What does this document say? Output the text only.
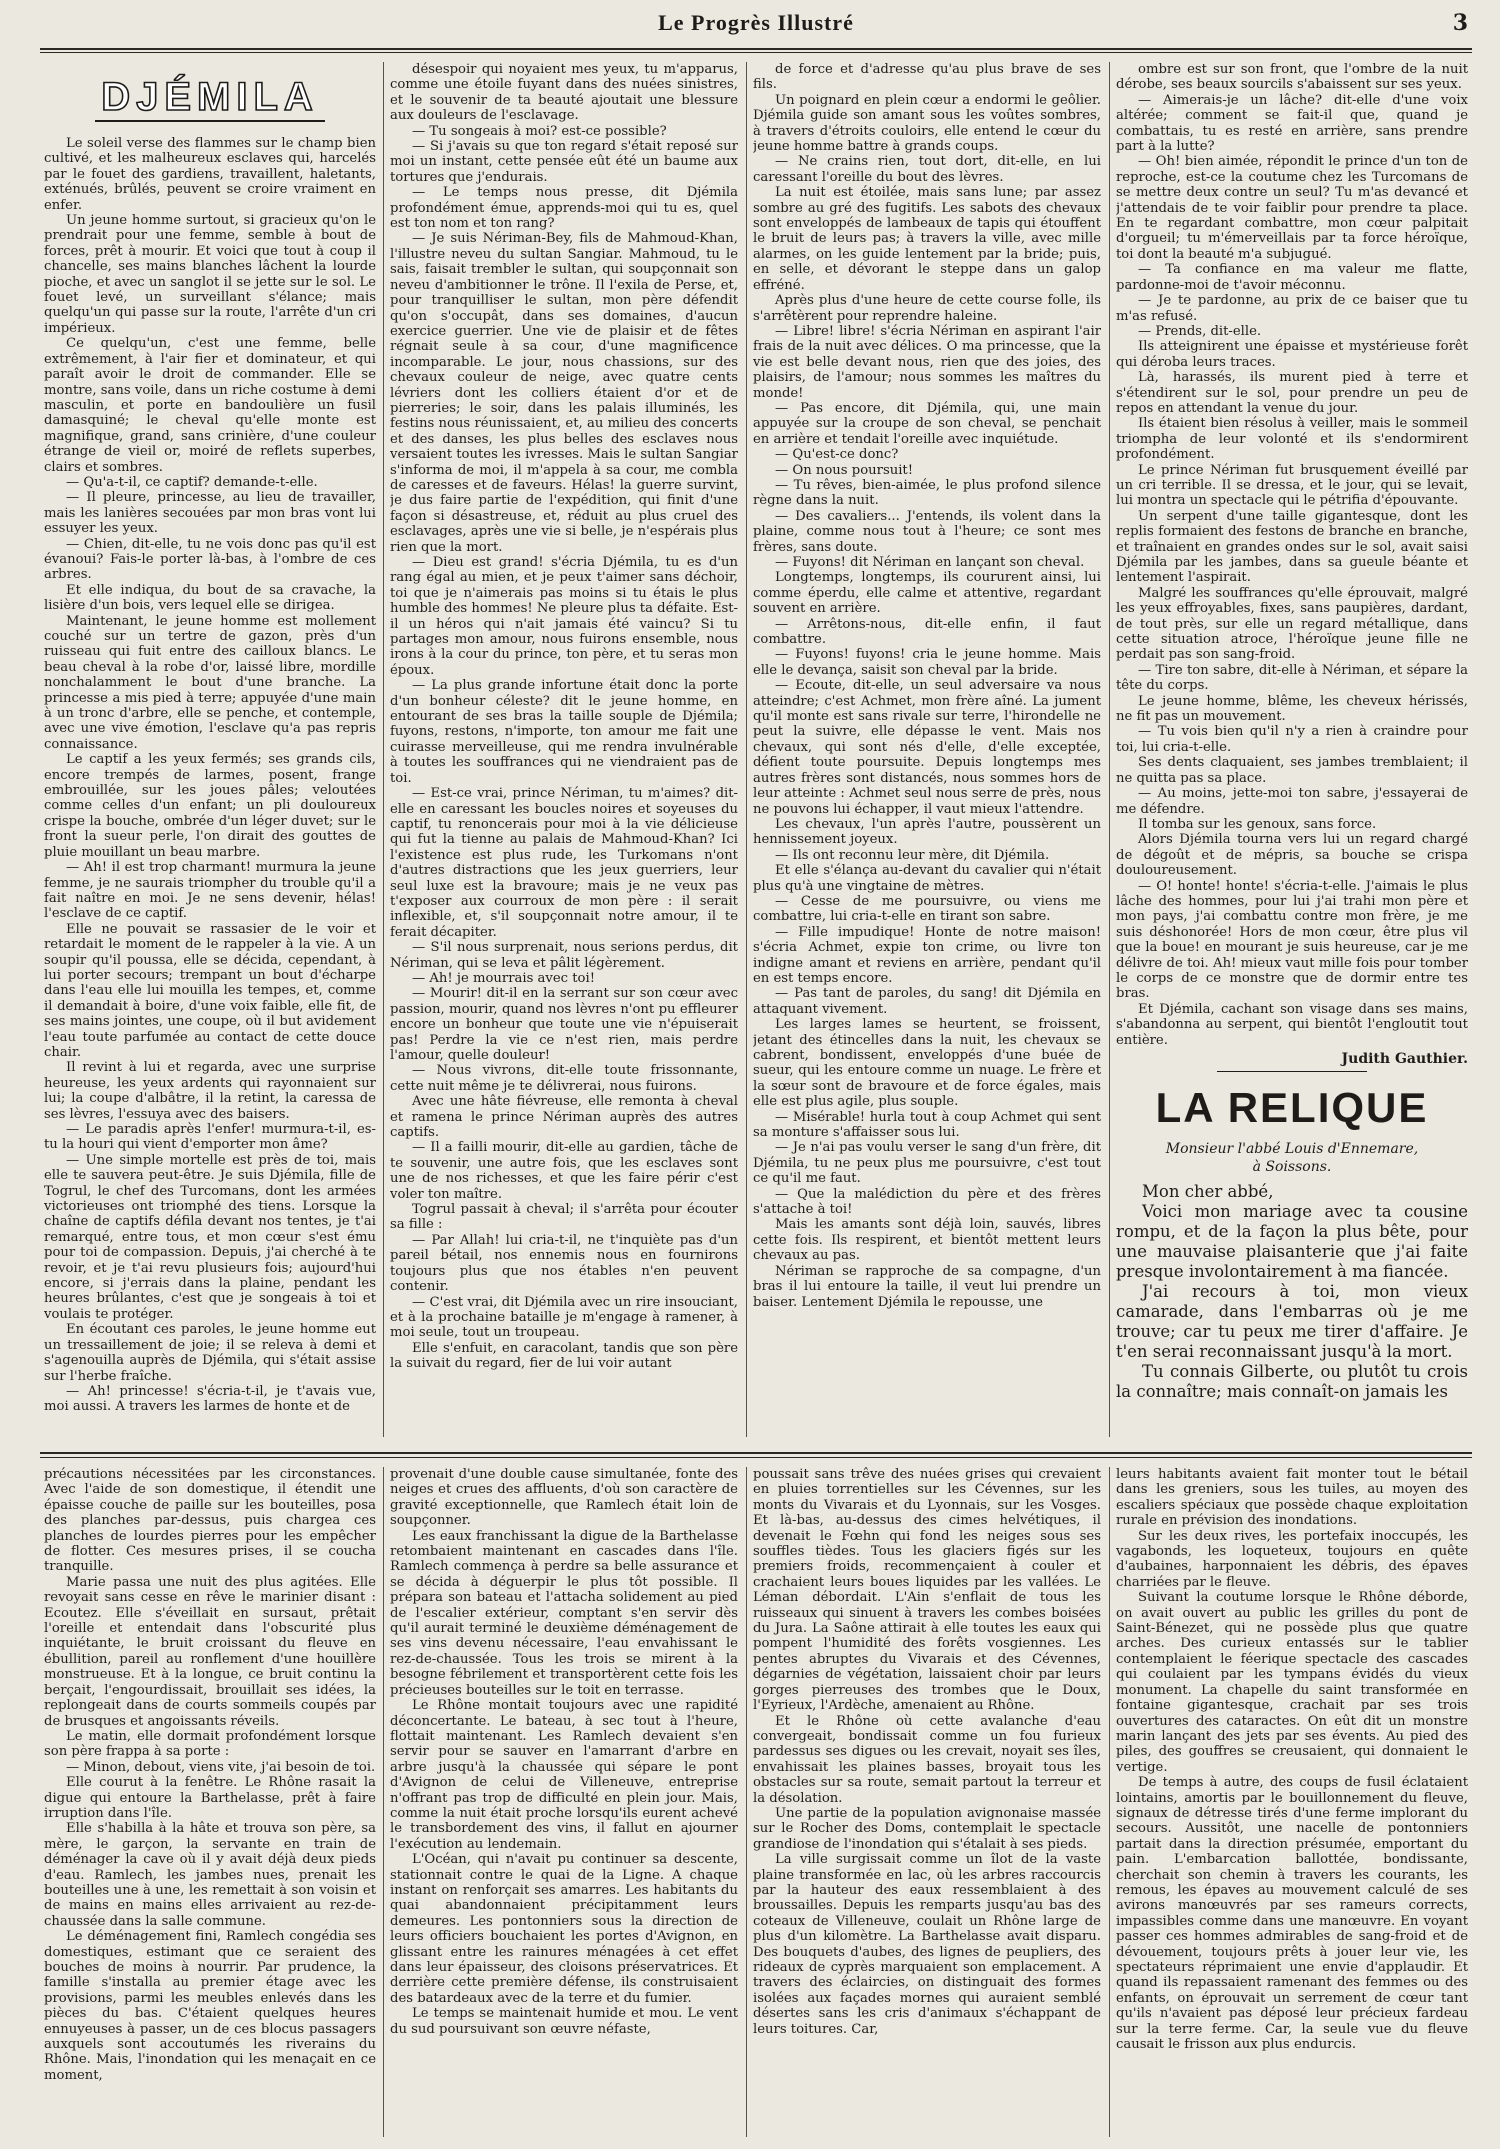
Le Progrès Illustré	3
DJÉMILA

Le soleil verse des flammes sur le champ bien cultivé, et les malheureux esclaves qui, harcelés par le fouet des gardiens, travaillent, haletants, exténués, brûlés, peuvent se croire vraiment en enfer.

Un jeune homme surtout, si gracieux qu'on le prendrait pour une femme, semble à bout de forces, prêt à mourir. Et voici que tout à coup il chancelle, ses mains blanches lâchent la lourde pioche, et avec un sanglot il se jette sur le sol. Le fouet levé, un surveillant s'élance; mais quelqu'un qui passe sur la route, l'arrête d'un cri impérieux.

Ce quelqu'un, c'est une femme, belle extrêmement, à l'air fier et dominateur, et qui paraît avoir le droit de commander. Elle se montre, sans voile, dans un riche costume à demi masculin, et porte en bandoulière un fusil damasquiné; le cheval qu'elle monte est magnifique, grand, sans crinière, d'une couleur étrange de vieil or, moiré de reflets superbes, clairs et sombres.

— Qu'a-t-il, ce captif? demande-t-elle.

— Il pleure, princesse, au lieu de travailler, mais les lanières secouées par mon bras vont lui essuyer les yeux.

— Chien, dit-elle, tu ne vois donc pas qu'il est évanoui? Fais-le porter là-bas, à l'ombre de ces arbres.

Et elle indiqua, du bout de sa cravache, la lisière d'un bois, vers lequel elle se dirigea.

Maintenant, le jeune homme est mollement couché sur un tertre de gazon, près d'un ruisseau qui fuit entre des cailloux blancs. Le beau cheval à la robe d'or, laissé libre, mordille nonchalamment le bout d'une branche. La princesse a mis pied à terre; appuyée d'une main à un tronc d'arbre, elle se penche, et contemple, avec une vive émotion, l'esclave qu'a pas repris connaissance.

Le captif a les yeux fermés; ses grands cils, encore trempés de larmes, posent, frange embrouillée, sur les joues pâles; veloutées comme celles d'un enfant; un pli douloureux crispe la bouche, ombrée d'un léger duvet; sur le front la sueur perle, l'on dirait des gouttes de pluie mouillant un beau marbre.

— Ah! il est trop charmant! murmura la jeune femme, je ne saurais triompher du trouble qu'il a fait naître en moi. Je ne sens devenir, hélas! l'esclave de ce captif.

Elle ne pouvait se rassasier de le voir et retardait le moment de le rappeler à la vie. A un soupir qu'il poussa, elle se décida, cependant, à lui porter secours; trempant un bout d'écharpe dans l'eau elle lui mouilla les tempes, et, comme il demandait à boire, d'une voix faible, elle fit, de ses mains jointes, une coupe, où il but avidement l'eau toute parfumée au contact de cette douce chair.

Il revint à lui et regarda, avec une surprise heureuse, les yeux ardents qui rayonnaient sur lui; la coupe d'albâtre, il la retint, la caressa de ses lèvres, l'essuya avec des baisers.

— Le paradis après l'enfer! murmura-t-il, es-tu la houri qui vient d'emporter mon âme?

— Une simple mortelle est près de toi, mais elle te sauvera peut-être. Je suis Djémila, fille de Togrul, le chef des Turcomans, dont les armées victorieuses ont triomphé des tiens. Lorsque la chaîne de captifs défila devant nos tentes, je t'ai remarqué, entre tous, et mon cœur s'est ému pour toi de compassion. Depuis, j'ai cherché à te revoir, et je t'ai revu plusieurs fois; aujourd'hui encore, si j'errais dans la plaine, pendant les heures brûlantes, c'est que je songeais à toi et voulais te protéger.

En écoutant ces paroles, le jeune homme eut un tressaillement de joie; il se releva à demi et s'agenouilla auprès de Djémila, qui s'était assise sur l'herbe fraîche.

— Ah! princesse! s'écria-t-il, je t'avais vue, moi aussi. A travers les larmes de honte et de

désespoir qui noyaient mes yeux, tu m'apparus, comme une étoile fuyant dans des nuées sinistres, et le souvenir de ta beauté ajoutait une blessure aux douleurs de l'esclavage.

— Tu songeais à moi? est-ce possible?

— Si j'avais su que ton regard s'était reposé sur moi un instant, cette pensée eût été un baume aux tortures que j'endurais.

— Le temps nous presse, dit Djémila profondément émue, apprends-moi qui tu es, quel est ton nom et ton rang?

— Je suis Nériman-Bey, fils de Mahmoud-Khan, l'illustre neveu du sultan Sangiar. Mahmoud, tu le sais, faisait trembler le sultan, qui soupçonnait son neveu d'ambitionner le trône. Il l'exila de Perse, et, pour tranquilliser le sultan, mon père défendit qu'on s'occupât, dans ses domaines, d'aucun exercice guerrier. Une vie de plaisir et de fêtes régnait seule à sa cour, d'une magnificence incomparable. Le jour, nous chassions, sur des chevaux couleur de neige, avec quatre cents lévriers dont les colliers étaient d'or et de pierreries; le soir, dans les palais illuminés, les festins nous réunissaient, et, au milieu des concerts et des danses, les plus belles des esclaves nous versaient toutes les ivresses. Mais le sultan Sangiar s'informa de moi, il m'appela à sa cour, me combla de caresses et de faveurs. Hélas! la guerre survint, je dus faire partie de l'expédition, qui finit d'une façon si désastreuse, et, réduit au plus cruel des esclavages, après une vie si belle, je n'espérais plus rien que la mort.

— Dieu est grand! s'écria Djémila, tu es d'un rang égal au mien, et je peux t'aimer sans déchoir, toi que je n'aimerais pas moins si tu étais le plus humble des hommes! Ne pleure plus ta défaite. Est-il un héros qui n'ait jamais été vaincu? Si tu partages mon amour, nous fuirons ensemble, nous irons à la cour du prince, ton père, et tu seras mon époux.

— La plus grande infortune était donc la porte d'un bonheur céleste? dit le jeune homme, en entourant de ses bras la taille souple de Djémila; fuyons, restons, n'importe, ton amour me fait une cuirasse merveilleuse, qui me rendra invulnérable à toutes les souffrances qui ne viendraient pas de toi.

— Est-ce vrai, prince Nériman, tu m'aimes? dit-elle en caressant les boucles noires et soyeuses du captif, tu renoncerais pour moi à la vie délicieuse qui fut la tienne au palais de Mahmoud-Khan? Ici l'existence est plus rude, les Turkomans n'ont d'autres distractions que les jeux guerriers, leur seul luxe est la bravoure; mais je ne veux pas t'exposer aux courroux de mon père : il serait inflexible, et, s'il soupçonnait notre amour, il te ferait décapiter.

— S'il nous surprenait, nous serions perdus, dit Nériman, qui se leva et pâlit légèrement.

— Ah! je mourrais avec toi!

— Mourir! dit-il en la serrant sur son cœur avec passion, mourir, quand nos lèvres n'ont pu effleurer encore un bonheur que toute une vie n'épuiserait pas! Perdre la vie ce n'est rien, mais perdre l'amour, quelle douleur!

— Nous vivrons, dit-elle toute frissonnante, cette nuit même je te délivrerai, nous fuirons.

Avec une hâte fiévreuse, elle remonta à cheval et ramena le prince Nériman auprès des autres captifs.

— Il a failli mourir, dit-elle au gardien, tâche de te souvenir, une autre fois, que les esclaves sont une de nos richesses, et que les faire périr c'est voler ton maître.

Togrul passait à cheval; il s'arrêta pour écouter sa fille :

— Par Allah! lui cria-t-il, ne t'inquiète pas d'un pareil bétail, nos ennemis nous en fournirons toujours plus que nos étables n'en peuvent contenir.

— C'est vrai, dit Djémila avec un rire insouciant, et à la prochaine bataille je m'engage à ramener, à moi seule, tout un troupeau.

Elle s'enfuit, en caracolant, tandis que son père la suivait du regard, fier de lui voir autant

de force et d'adresse qu'au plus brave de ses fils.

Un poignard en plein cœur a endormi le geôlier. Djémila guide son amant sous les voûtes sombres, à travers d'étroits couloirs, elle entend le cœur du jeune homme battre à grands coups.

— Ne crains rien, tout dort, dit-elle, en lui caressant l'oreille du bout des lèvres.

La nuit est étoilée, mais sans lune; par assez sombre au gré des fugitifs. Les sabots des chevaux sont enveloppés de lambeaux de tapis qui étouffent le bruit de leurs pas; à travers la ville, avec mille alarmes, on les guide lentement par la bride; puis, en selle, et dévorant le steppe dans un galop effréné.

Après plus d'une heure de cette course folle, ils s'arrêtèrent pour reprendre haleine.

— Libre! libre! s'écria Nériman en aspirant l'air frais de la nuit avec délices. O ma princesse, que la vie est belle devant nous, rien que des joies, des plaisirs, de l'amour; nous sommes les maîtres du monde!

— Pas encore, dit Djémila, qui, une main appuyée sur la croupe de son cheval, se penchait en arrière et tendait l'oreille avec inquiétude.

— Qu'est-ce donc?

— On nous poursuit!

— Tu rêves, bien-aimée, le plus profond silence règne dans la nuit.

— Des cavaliers... J'entends, ils volent dans la plaine, comme nous tout à l'heure; ce sont mes frères, sans doute.

— Fuyons! dit Nériman en lançant son cheval.

Longtemps, longtemps, ils coururent ainsi, lui comme éperdu, elle calme et attentive, regardant souvent en arrière.

— Arrêtons-nous, dit-elle enfin, il faut combattre.

— Fuyons! fuyons! cria le jeune homme. Mais elle le devança, saisit son cheval par la bride.

— Ecoute, dit-elle, un seul adversaire va nous atteindre; c'est Achmet, mon frère aîné. La jument qu'il monte est sans rivale sur terre, l'hirondelle ne peut la suivre, elle dépasse le vent. Mais nos chevaux, qui sont nés d'elle, d'elle exceptée, défient toute poursuite. Depuis longtemps mes autres frères sont distancés, nous sommes hors de leur atteinte : Achmet seul nous serre de près, nous ne pouvons lui échapper, il vaut mieux l'attendre.

Les chevaux, l'un après l'autre, poussèrent un hennissement joyeux.

— Ils ont reconnu leur mère, dit Djémila.

Et elle s'élança au-devant du cavalier qui n'était plus qu'à une vingtaine de mètres.

— Cesse de me poursuivre, ou viens me combattre, lui cria-t-elle en tirant son sabre.

— Fille impudique! Honte de notre maison! s'écria Achmet, expie ton crime, ou livre ton indigne amant et reviens en arrière, pendant qu'il en est temps encore.

— Pas tant de paroles, du sang! dit Djémila en attaquant vivement.

Les larges lames se heurtent, se froissent, jetant des étincelles dans la nuit, les chevaux se cabrent, bondissent, enveloppés d'une buée de sueur, qui les entoure comme un nuage. Le frère et la sœur sont de bravoure et de force égales, mais elle est plus agile, plus souple.

— Misérable! hurla tout à coup Achmet qui sent sa monture s'affaisser sous lui.

— Je n'ai pas voulu verser le sang d'un frère, dit Djémila, tu ne peux plus me poursuivre, c'est tout ce qu'il me faut.

— Que la malédiction du père et des frères s'attache à toi!

Mais les amants sont déjà loin, sauvés, libres cette fois. Ils respirent, et bientôt mettent leurs chevaux au pas.

Nériman se rapproche de sa compagne, d'un bras il lui entoure la taille, il veut lui prendre un baiser. Lentement Djémila le repousse, une

ombre est sur son front, que l'ombre de la nuit dérobe, ses beaux sourcils s'abaissent sur ses yeux.

— Aimerais-je un lâche? dit-elle d'une voix altérée; comment se fait-il que, quand je combattais, tu es resté en arrière, sans prendre part à la lutte?

— Oh! bien aimée, répondit le prince d'un ton de reproche, est-ce la coutume chez les Turcomans de se mettre deux contre un seul? Tu m'as devancé et j'attendais de te voir faiblir pour prendre ta place. En te regardant combattre, mon cœur palpitait d'orgueil; tu m'émerveillais par ta force héroïque, toi dont la beauté m'a subjugué.

— Ta confiance en ma valeur me flatte, pardonne-moi de t'avoir méconnu.

— Je te pardonne, au prix de ce baiser que tu m'as refusé.

— Prends, dit-elle.

Ils atteignirent une épaisse et mystérieuse forêt qui déroba leurs traces.

Là, harassés, ils murent pied à terre et s'étendirent sur le sol, pour prendre un peu de repos en attendant la venue du jour.

Ils étaient bien résolus à veiller, mais le sommeil triompha de leur volonté et ils s'endormirent profondément.

Le prince Nériman fut brusquement éveillé par un cri terrible. Il se dressa, et le jour, qui se levait, lui montra un spectacle qui le pétrifia d'épouvante.

Un serpent d'une taille gigantesque, dont les replis formaient des festons de branche en branche, et traînaient en grandes ondes sur le sol, avait saisi Djémila par les jambes, dans sa gueule béante et lentement l'aspirait.

Malgré les souffrances qu'elle éprouvait, malgré les yeux effroyables, fixes, sans paupières, dardant, de tout près, sur elle un regard métallique, dans cette situation atroce, l'héroïque jeune fille ne perdait pas son sang-froid.

— Tire ton sabre, dit-elle à Nériman, et sépare la tête du corps.

Le jeune homme, blême, les cheveux hérissés, ne fit pas un mouvement.

— Tu vois bien qu'il n'y a rien à craindre pour toi, lui cria-t-elle.

Ses dents claquaient, ses jambes tremblaient; il ne quitta pas sa place.

— Au moins, jette-moi ton sabre, j'essayerai de me défendre.

Il tomba sur les genoux, sans force.

Alors Djémila tourna vers lui un regard chargé de dégoût et de mépris, sa bouche se crispa douloureusement.

— O! honte! honte! s'écria-t-elle. J'aimais le plus lâche des hommes, pour lui j'ai trahi mon père et mon pays, j'ai combattu contre mon frère, je me suis déshonorée! Hors de mon cœur, être plus vil que la boue! en mourant je suis heureuse, car je me délivre de toi. Ah! mieux vaut mille fois pour tomber le corps de ce monstre que de dormir entre tes bras.

Et Djémila, cachant son visage dans ses mains, s'abandonna au serpent, qui bientôt l'engloutit tout entière.

Judith Gauthier.
LA RELIQUE
Monsieur l'abbé Louis d'Ennemare,
à Soissons.

Mon cher abbé,

Voici mon mariage avec ta cousine rompu, et de la façon la plus bête, pour une mauvaise plaisanterie que j'ai faite presque involontairement à ma fiancée.

J'ai recours à toi, mon vieux camarade, dans l'embarras où je me trouve; car tu peux me tirer d'affaire. Je t'en serai reconnaissant jusqu'à la mort.

Tu connais Gilberte, ou plutôt tu crois la connaître; mais connaît-on jamais les

précautions nécessitées par les circonstances. Avec l'aide de son domestique, il étendit une épaisse couche de paille sur les bouteilles, posa des planches par-dessus, puis chargea ces planches de lourdes pierres pour les empêcher de flotter. Ces mesures prises, il se coucha tranquille.

Marie passa une nuit des plus agitées. Elle revoyait sans cesse en rêve le marinier disant : Ecoutez. Elle s'éveillait en sursaut, prêtait l'oreille et entendait dans l'obscurité plus inquiétante, le bruit croissant du fleuve en ébullition, pareil au ronflement d'une houillère monstrueuse. Et à la longue, ce bruit continu la berçait, l'engourdissait, brouillait ses idées, la replongeait dans de courts sommeils coupés par de brusques et angoissants réveils.

Le matin, elle dormait profondément lorsque son père frappa à sa porte :

— Minon, debout, viens vite, j'ai besoin de toi.

Elle courut à la fenêtre. Le Rhône rasait la digue qui entoure la Barthelasse, prêt à faire irruption dans l'île.

Elle s'habilla à la hâte et trouva son père, sa mère, le garçon, la servante en train de déménager la cave où il y avait déjà deux pieds d'eau. Ramlech, les jambes nues, prenait les bouteilles une à une, les remettait à son voisin et de mains en mains elles arrivaient au rez-de-chaussée dans la salle commune.

Le déménagement fini, Ramlech congédia ses domestiques, estimant que ce seraient des bouches de moins à nourrir. Par prudence, la famille s'installa au premier étage avec les provisions, parmi les meubles enlevés dans les pièces du bas. C'étaient quelques heures ennuyeuses à passer, un de ces blocus passagers auxquels sont accoutumés les riverains du Rhône. Mais, l'inondation qui les menaçait en ce moment,

provenait d'une double cause simultanée, fonte des neiges et crues des affluents, d'où son caractère de gravité exceptionnelle, que Ramlech était loin de soupçonner.

Les eaux franchissant la digue de la Barthelasse retombaient maintenant en cascades dans l'île. Ramlech commença à perdre sa belle assurance et se décida à déguerpir le plus tôt possible. Il prépara son bateau et l'attacha solidement au pied de l'escalier extérieur, comptant s'en servir dès qu'il aurait terminé le deuxième déménagement de ses vins devenu nécessaire, l'eau envahissant le rez-de-chaussée. Tous les trois se mirent à la besogne fébrilement et transportèrent cette fois les précieuses bouteilles sur le toit en terrasse.

Le Rhône montait toujours avec une rapidité déconcertante. Le bateau, à sec tout à l'heure, flottait maintenant. Les Ramlech devaient s'en servir pour se sauver en l'amarrant d'arbre en arbre jusqu'à la chaussée qui sépare le pont d'Avignon de celui de Villeneuve, entreprise n'offrant pas trop de difficulté en plein jour. Mais, comme la nuit était proche lorsqu'ils eurent achevé le transbordement des vins, il fallut en ajourner l'exécution au lendemain.

L'Océan, qui n'avait pu continuer sa descente, stationnait contre le quai de la Ligne. A chaque instant on renforçait ses amarres. Les habitants du quai abandonnaient précipitamment leurs demeures. Les pontonniers sous la direction de leurs officiers bouchaient les portes d'Avignon, en glissant entre les rainures ménagées à cet effet dans leur épaisseur, des cloisons préservatrices. Et derrière cette première défense, ils construisaient des batardeaux avec de la terre et du fumier.

Le temps se maintenait humide et mou. Le vent du sud poursuivant son œuvre néfaste,

poussait sans trêve des nuées grises qui crevaient en pluies torrentielles sur les Cévennes, sur les monts du Vivarais et du Lyonnais, sur les Vosges. Et là-bas, au-dessus des cimes helvétiques, il devenait le Fœhn qui fond les neiges sous ses souffles tièdes. Tous les glaciers figés sur les premiers froids, recommençaient à couler et crachaient leurs boues liquides par les vallées. Le Léman débordait. L'Ain s'enflait de tous les ruisseaux qui sinuent à travers les combes boisées du Jura. La Saône attirait à elle toutes les eaux qui pompent l'humidité des forêts vosgiennes. Les pentes abruptes du Vivarais et des Cévennes, dégarnies de végétation, laissaient choir par leurs gorges pierreuses des trombes que le Doux, l'Eyrieux, l'Ardèche, amenaient au Rhône.

Et le Rhône où cette avalanche d'eau convergeait, bondissait comme un fou furieux pardessus ses digues ou les crevait, noyait ses îles, envahissait les plaines basses, broyait tous les obstacles sur sa route, semait partout la terreur et la désolation.

Une partie de la population avignonaise massée sur le Rocher des Doms, contemplait le spectacle grandiose de l'inondation qui s'étalait à ses pieds.

La ville surgissait comme un îlot de la vaste plaine transformée en lac, où les arbres raccourcis par la hauteur des eaux ressemblaient à des broussailles. Depuis les remparts jusqu'au bas des coteaux de Villeneuve, coulait un Rhône large de plus d'un kilomètre. La Barthelasse avait disparu. Des bouquets d'aubes, des lignes de peupliers, des rideaux de cyprès marquaient son emplacement. A travers des éclaircies, on distinguait des formes isolées aux façades mornes qui auraient semblé désertes sans les cris d'animaux s'échappant de leurs toitures. Car,

leurs habitants avaient fait monter tout le bétail dans les greniers, sous les tuiles, au moyen des escaliers spéciaux que possède chaque exploitation rurale en prévision des inondations.

Sur les deux rives, les portefaix inoccupés, les vagabonds, les loqueteux, toujours en quête d'aubaines, harponnaient les débris, des épaves charriées par le fleuve.

Suivant la coutume lorsque le Rhône déborde, on avait ouvert au public les grilles du pont de Saint-Bénezet, qui ne possède plus que quatre arches. Des curieux entassés sur le tablier contemplaient le féerique spectacle des cascades qui coulaient par les tympans évidés du vieux monument. La chapelle du saint transformée en fontaine gigantesque, crachait par ses trois ouvertures des cataractes. On eût dit un monstre marin lançant des jets par ses évents. Au pied des piles, des gouffres se creusaient, qui donnaient le vertige.

De temps à autre, des coups de fusil éclataient lointains, amortis par le bouillonnement du fleuve, signaux de détresse tirés d'une ferme implorant du secours. Aussitôt, une nacelle de pontonniers partait dans la direction présumée, emportant du pain. L'embarcation ballottée, bondissante, cherchait son chemin à travers les courants, les remous, les épaves au mouvement calculé de ses avirons manœuvrés par ses rameurs corrects, impassibles comme dans une manœuvre. En voyant passer ces hommes admirables de sang-froid et de dévouement, toujours prêts à jouer leur vie, les spectateurs réprimaient une envie d'applaudir. Et quand ils repassaient ramenant des femmes ou des enfants, on éprouvait un serrement de cœur tant qu'ils n'avaient pas déposé leur précieux fardeau sur la terre ferme. Car, la seule vue du fleuve causait le frisson aux plus endurcis.
